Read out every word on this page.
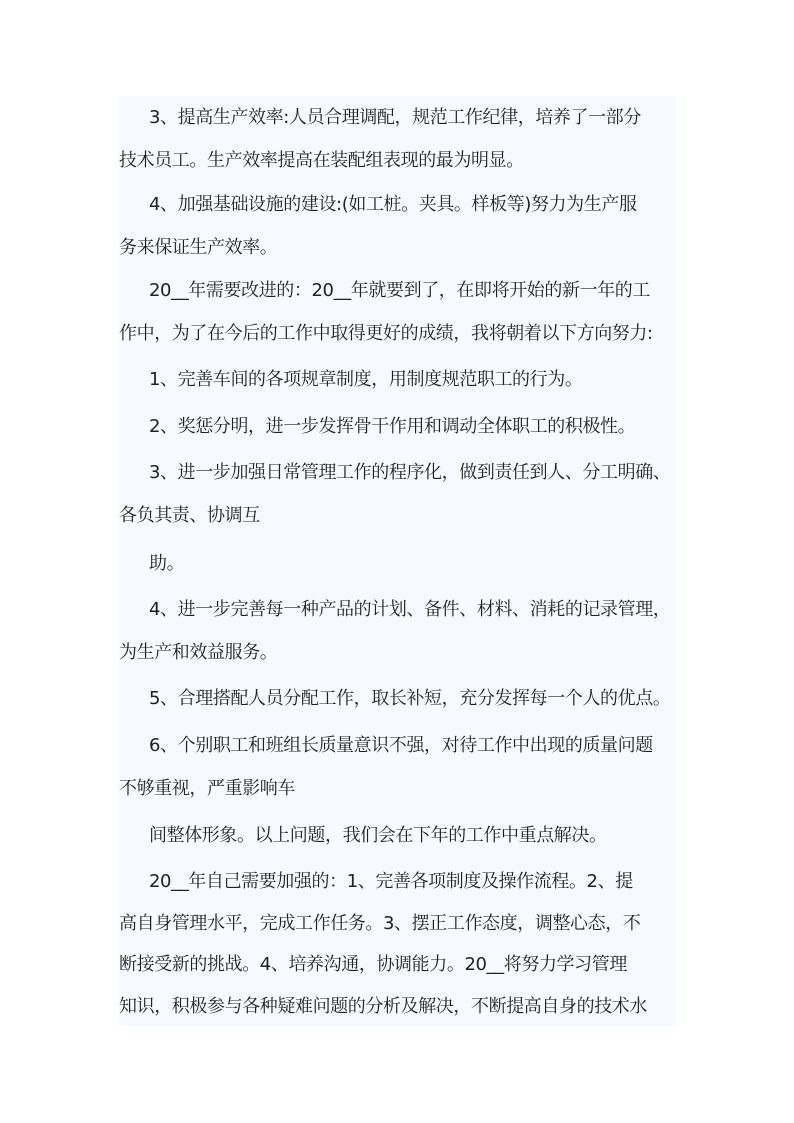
3、提高生产效率:人员合理调配，规范工作纪律，培养了一部分
技术员工。生产效率提高在装配组表现的最为明显。
4、加强基础设施的建设:(如工桩。夹具。样板等)努力为生产服
务来保证生产效率。
20__年需要改进的：20__年就要到了，在即将开始的新一年的工
作中，为了在今后的工作中取得更好的成绩，我将朝着以下方向努力:
1、完善车间的各项规章制度，用制度规范职工的行为。
2、奖惩分明，进一步发挥骨干作用和调动全体职工的积极性。
3、进一步加强日常管理工作的程序化，做到责任到人、分工明确、
各负其责、协调互
助。
4、进一步完善每一种产品的计划、备件、材料、消耗的记录管理，
为生产和效益服务。
5、合理搭配人员分配工作，取长补短，充分发挥每一个人的优点。
6、个别职工和班组长质量意识不强，对待工作中出现的质量问题
不够重视，严重影响车
间整体形象。以上问题，我们会在下年的工作中重点解决。
20__年自己需要加强的：1、完善各项制度及操作流程。2、提
高自身管理水平，完成工作任务。3、摆正工作态度，调整心态，不
断接受新的挑战。4、培养沟通，协调能力。20__将努力学习管理
知识，积极参与各种疑难问题的分析及解决，不断提高自身的技术水
